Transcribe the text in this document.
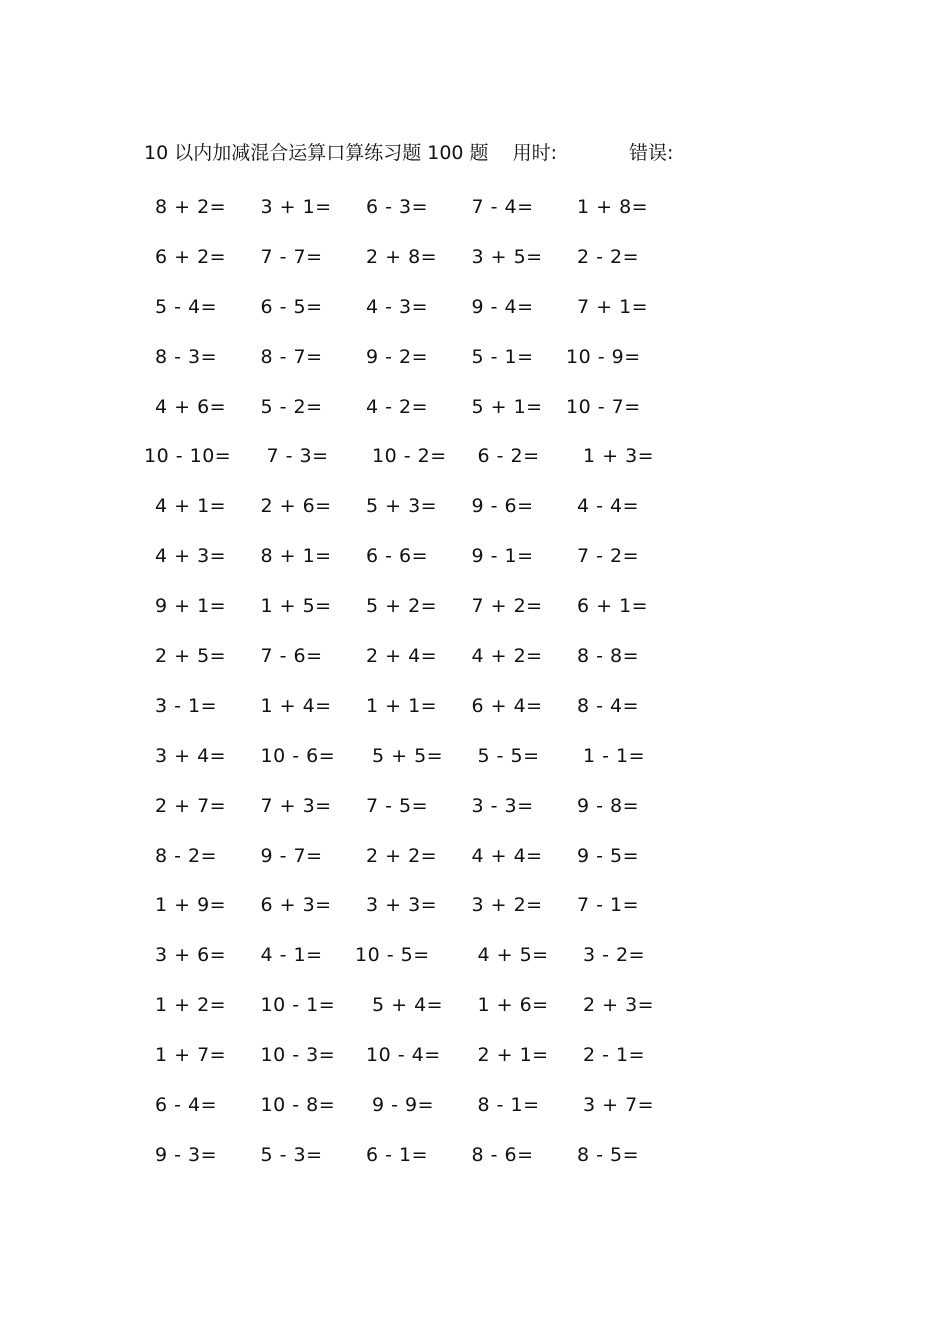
10 以内加减混合运算口算练习题 100 题 用时:	错误:
8 + 2=	3 + 1=	6 - 3=	7 - 4=	1 + 8=
6 + 2=	7 - 7=	2 + 8=	3 + 5=	2 - 2=
5 - 4=	6 - 5=	4 - 3=	9 - 4=	7 + 1=
8 - 3=	8 - 7=	9 - 2=	5 - 1=	10 - 9=
4 + 6=	5 - 2=	4 - 2=	5 + 1=	10 - 7=
10 - 10=	7 - 3=	10 - 2=	6 - 2=	1 + 3=
4 + 1=	2 + 6=	5 + 3=	9 - 6=	4 - 4=
4 + 3=	8 + 1=	6 - 6=	9 - 1=	7 - 2=
9 + 1=	1 + 5=	5 + 2=	7 + 2=	6 + 1=
2 + 5=	7 - 6=	2 + 4=	4 + 2=	8 - 8=
3 - 1=	1 + 4=	1 + 1=	6 + 4=	8 - 4=
3 + 4=	10 - 6=	5 + 5=	5 - 5=	1 - 1=
2 + 7=	7 + 3=	7 - 5=	3 - 3=	9 - 8=
8 - 2=	9 - 7=	2 + 2=	4 + 4=	9 - 5=
1 + 9=	6 + 3=	3 + 3=	3 + 2=	7 - 1=
3 + 6=	4 - 1=	10 - 5=	4 + 5=	3 - 2=
1 + 2=	10 - 1=	5 + 4=	1 + 6=	2 + 3=
1 + 7=	10 - 3=	10 - 4=	2 + 1=	2 - 1=
6 - 4=	10 - 8=	9 - 9=	8 - 1=	3 + 7=
9 - 3=	5 - 3=	6 - 1=	8 - 6=	8 - 5=
